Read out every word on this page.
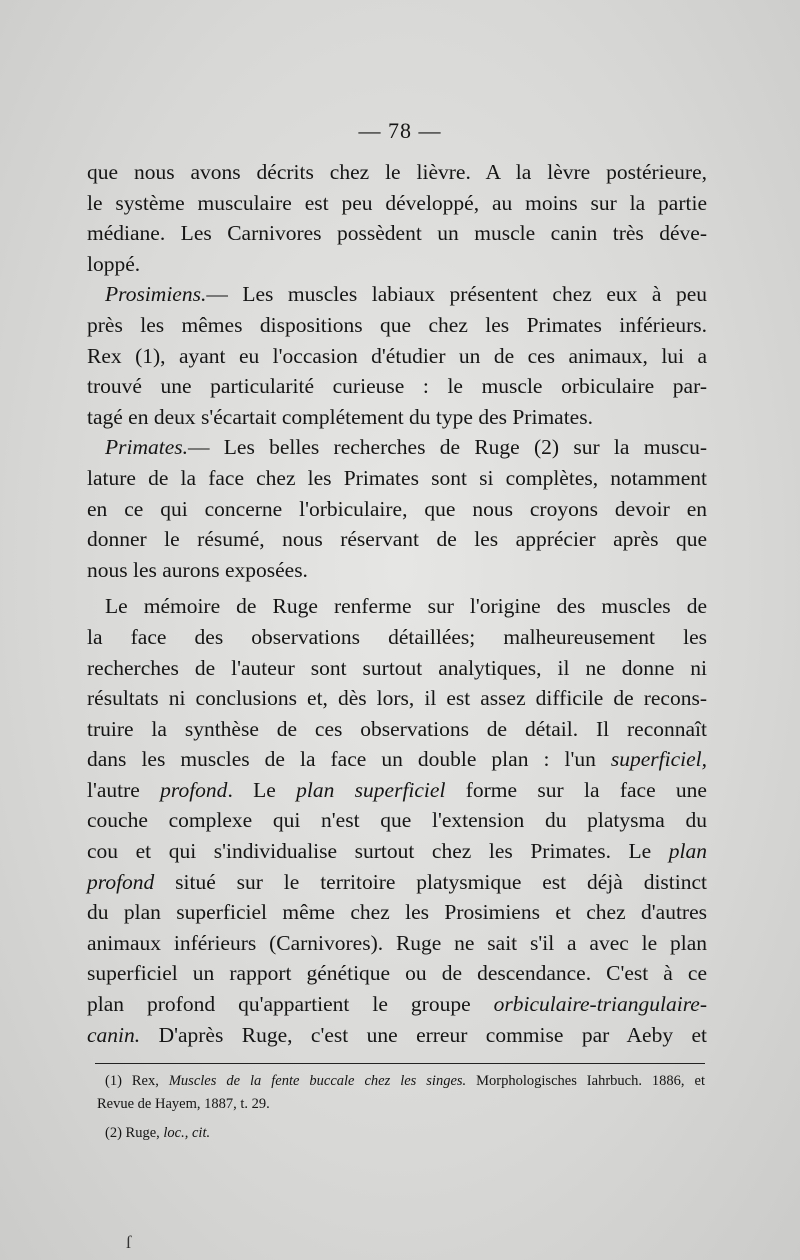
— 78 —
que nous avons décrits chez le lièvre. A la lèvre postérieure,
le système musculaire est peu développé, au moins sur la partie
médiane. Les Carnivores possèdent un muscle canin très déve-
loppé.
Prosimiens.— Les muscles labiaux présentent chez eux à peu
près les mêmes dispositions que chez les Primates inférieurs.
Rex (1), ayant eu l'occasion d'étudier un de ces animaux, lui a
trouvé une particularité curieuse : le muscle orbiculaire par-
tagé en deux s'écartait complétement du type des Primates.
Primates.— Les belles recherches de Ruge (2) sur la muscu-
lature de la face chez les Primates sont si complètes, notamment
en ce qui concerne l'orbiculaire, que nous croyons devoir en
donner le résumé, nous réservant de les apprécier après que
nous les aurons exposées.
Le mémoire de Ruge renferme sur l'origine des muscles de
la face des observations détaillées; malheureusement les
recherches de l'auteur sont surtout analytiques, il ne donne ni
résultats ni conclusions et, dès lors, il est assez difficile de recons-
truire la synthèse de ces observations de détail. Il reconnaît
dans les muscles de la face un double plan : l'un superficiel,
l'autre profond. Le plan superficiel forme sur la face une
couche complexe qui n'est que l'extension du platysma du
cou et qui s'individualise surtout chez les Primates. Le plan
profond situé sur le territoire platysmique est déjà distinct
du plan superficiel même chez les Prosimiens et chez d'autres
animaux inférieurs (Carnivores). Ruge ne sait s'il a avec le plan
superficiel un rapport génétique ou de descendance. C'est à ce
plan profond qu'appartient le groupe orbiculaire-triangulaire-
canin. D'après Ruge, c'est une erreur commise par Aeby et
(1) Rex, Muscles de la fente buccale chez les singes. Morphologisches Iahrbuch. 1886, et
Revue de Hayem, 1887, t. 29.
(2) Ruge, loc., cit.
ſ
